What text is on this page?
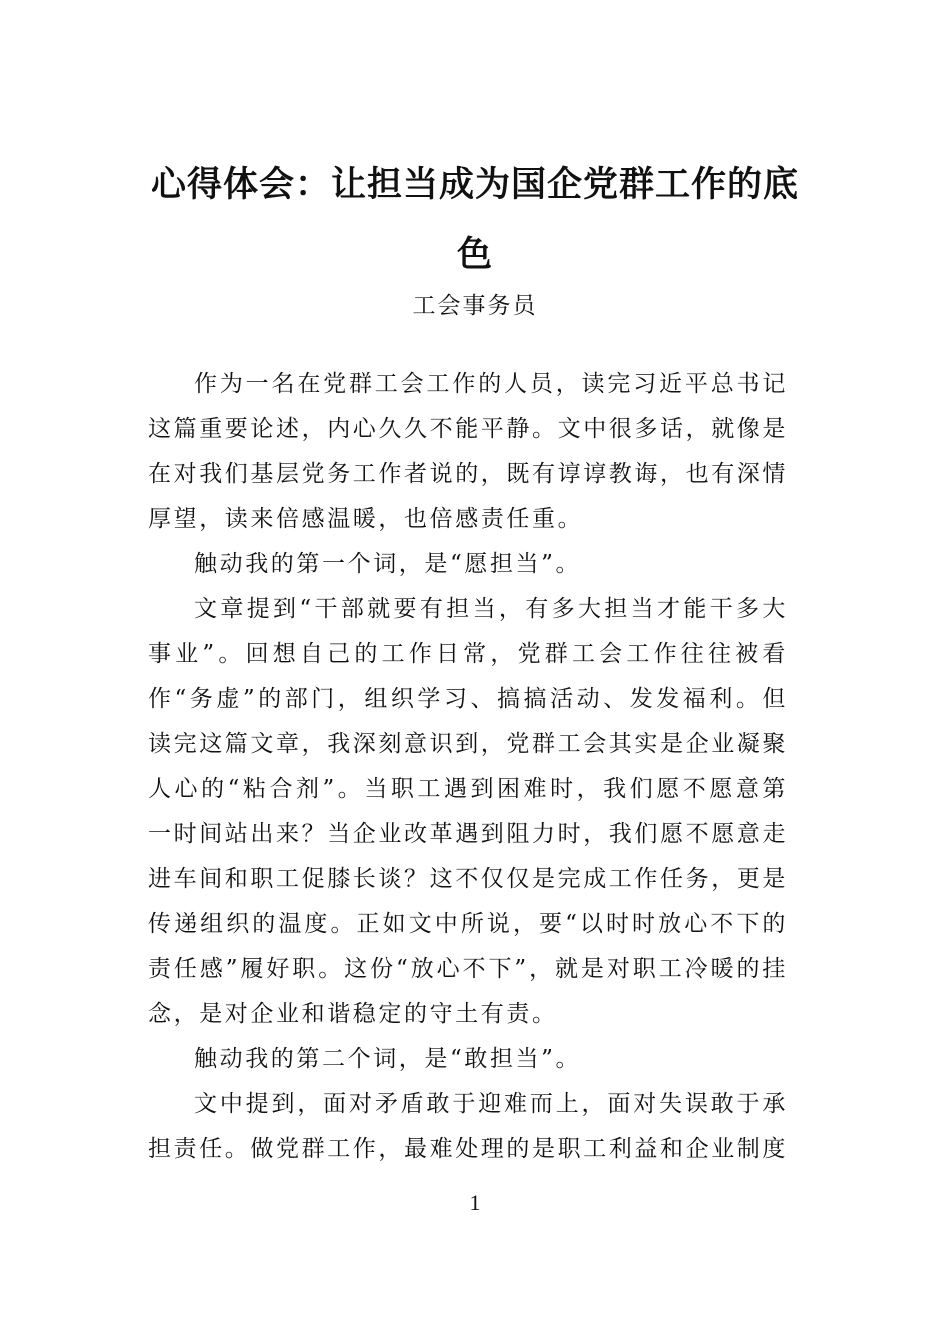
心得体会：让担当成为国企党群工作的底色
工会事务员

作为一名在党群工会工作的人员，读完习近平总书记这篇重要论述，内心久久不能平静。文中很多话，就像是在对我们基层党务工作者说的，既有谆谆教诲，也有深情厚望，读来倍感温暖，也倍感责任重。

触动我的第一个词，是“愿担当”。

文章提到“干部就要有担当，有多大担当才能干多大事业”。回想自己的工作日常，党群工会工作往往被看作“务虚”的部门，组织学习、搞搞活动、发发福利。但读完这篇文章，我深刻意识到，党群工会其实是企业凝聚人心的“粘合剂”。当职工遇到困难时，我们愿不愿意第一时间站出来？当企业改革遇到阻力时，我们愿不愿意走进车间和职工促膝长谈？这不仅仅是完成工作任务，更是传递组织的温度。正如文中所说，要“以时时放心不下的责任感”履好职。这份“放心不下”，就是对职工冷暖的挂念，是对企业和谐稳定的守土有责。

触动我的第二个词，是“敢担当”。

文中提到，面对矛盾敢于迎难而上，面对失误敢于承担责任。做党群工作，最难处理的是职工利益和企业制度

1
